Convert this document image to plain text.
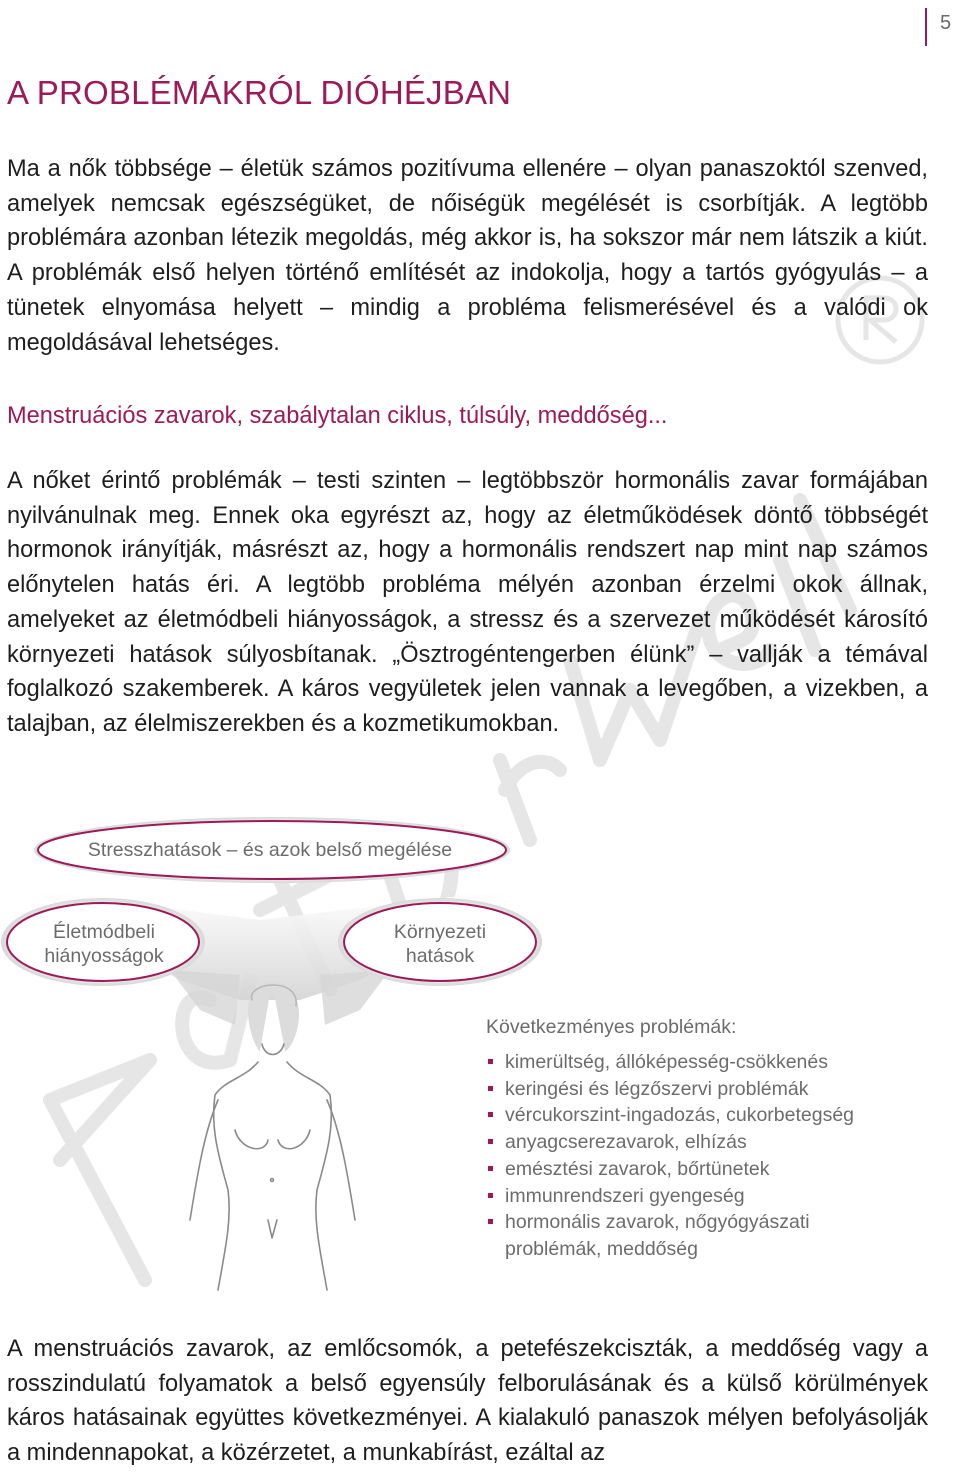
5
A PROBLÉMÁKRÓL DIÓHÉJBAN

Ma a nők többsége – életük számos pozitívuma ellenére – olyan panaszoktól szenved, amelyek nemcsak egészségüket, de nőiségük megélését is csorbítják. A legtöbb problémára azonban létezik megoldás, még akkor is, ha sokszor már nem látszik a kiút. A problémák első helyen történő említését az indokolja, hogy a tartós gyógyulás – a tünetek elnyomása helyett – mindig a probléma felismerésével és a valódi ok megoldásával lehetséges.

Menstruációs zavarok, szabálytalan ciklus, túlsúly, meddőség...

A nőket érintő problémák – testi szinten – legtöbbször hormonális zavar formájában nyilvánulnak meg. Ennek oka egyrészt az, hogy az életműködések döntő többségét hormonok irányítják, másrészt az, hogy a hormonális rendszert nap mint nap számos előnytelen hatás éri. A legtöbb probléma mélyén azonban érzelmi okok állnak, amelyeket az életmódbeli hiányosságok, a stressz és a szervezet működését károsító környezeti hatások súlyosbítanak. „Ösztrogéntengerben élünk” – vallják a témával foglalkozó szakemberek. A káros vegyületek jelen vannak a levegőben, a vizekben, a talajban, az élelmiszerekben és a kozmetikumokban.

Stresszhatások – és azok belső megélése
Életmódbeli
hiányosságok
Környezeti
hatások

Következményes problémák:

kimerültség, állóképesség-csökkenés
keringési és légzőszervi problémák
vércukorszint-ingadozás, cukorbetegség
anyagcserezavarok, elhízás
emésztési zavarok, bőrtünetek
immunrendszeri gyengeség
hormonális zavarok, nőgyógyászati
problémák, meddőség

A menstruációs zavarok, az emlőcsomók, a petefészekciszták, a meddőség vagy a rosszindulatú folyamatok a belső egyensúly felborulásának és a külső körülmények káros hatásainak együttes következményei. A kialakuló panaszok mélyen befolyásolják a mindennapokat, a közérzetet, a munkabírást, ezáltal az
